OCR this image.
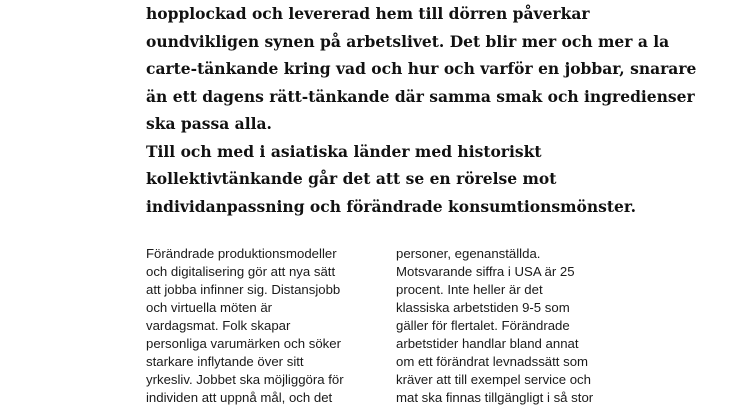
hopplockad och levererad hem till dörren påverkar
oundvikligen synen på arbetslivet. Det blir mer och mer a la
carte-tänkande kring vad och hur och varför en jobbar, snarare
än ett dagens rätt-tänkande där samma smak och ingredienser
ska passa alla.
Till och med i asiatiska länder med historiskt
kollektivtänkande går det att se en rörelse mot
individanpassning och förändrade konsumtionsmönster.
Förändrade produktionsmodeller
och digitalisering gör att nya sätt
att jobba infinner sig. Distansjobb
och virtuella möten är
vardagsmat. Folk skapar
personliga varumärken och söker
starkare inflytande över sitt
yrkesliv. Jobbet ska möjliggöra för
individen att uppnå mål, och det
personer, egenanställda.
Motsvarande siffra i USA är 25
procent. Inte heller är det
klassiska arbetstiden 9-5 som
gäller för flertalet. Förändrade
arbetstider handlar bland annat
om ett förändrat levnadssätt som
kräver att till exempel service och
mat ska finnas tillgängligt i så stor
